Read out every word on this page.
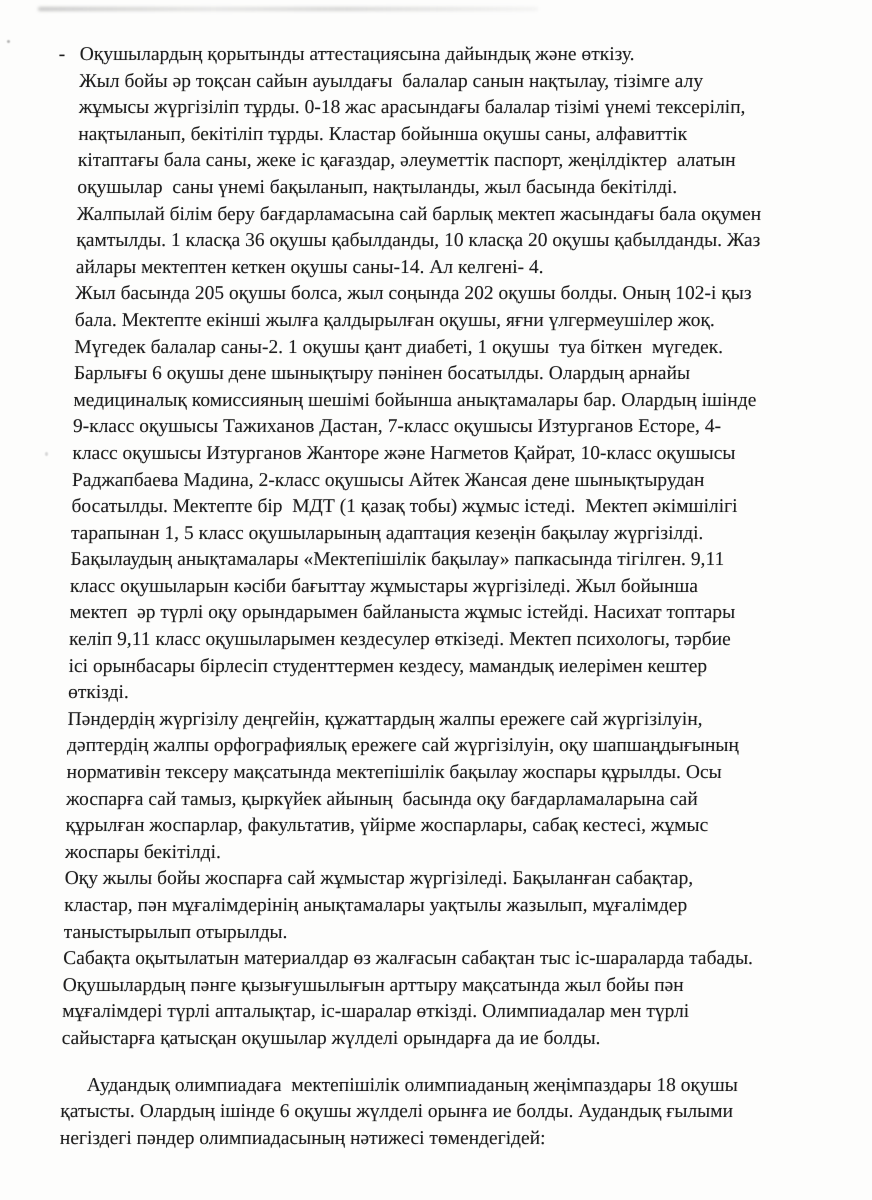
- Оқушылардың қорытынды аттестациясына дайындық және өткізу.
Жыл бойы әр тоқсан сайын ауылдағы  балалар санын нақтылау, тізімге алу
жұмысы жүргізіліп тұрды. 0-18 жас арасындағы балалар тізімі үнемі тексеріліп,
нақтыланып, бекітіліп тұрды. Кластар бойынша оқушы саны, алфавиттік
кітаптағы бала саны, жеке іс қағаздар, әлеуметтік паспорт, жеңілдіктер  алатын
оқушылар  саны үнемі бақыланып, нақтыланды, жыл басында бекітілді.
Жалпылай білім беру бағдарламасына сай барлық мектеп жасындағы бала оқумен
қамтылды. 1 класқа 36 оқушы қабылданды, 10 класқа 20 оқушы қабылданды. Жаз
айлары мектептен кеткен оқушы саны-14. Ал келгені- 4.
Жыл басында 205 оқушы болса, жыл соңында 202 оқушы болды. Оның 102-і қыз
бала. Мектепте екінші жылға қалдырылған оқушы, яғни үлгермеушілер жоқ.
Мүгедек балалар саны-2. 1 оқушы қант диабеті, 1 оқушы  туа біткен  мүгедек.
Барлығы 6 оқушы дене шынықтыру пәнінен босатылды. Олардың арнайы
медициналық комиссияның шешімі бойынша анықтамалары бар. Олардың ішінде
9-класс оқушысы Тажиханов Дастан, 7-класс оқушысы Изтурганов Есторе, 4-
класс оқушысы Изтурганов Жанторе және Нагметов Қайрат, 10-класс оқушысы
Раджапбаева Мадина, 2-класс оқушысы Айтек Жансая дене шынықтырудан
босатылды. Мектепте бір  МДТ (1 қазақ тобы) жұмыс істеді.  Мектеп әкімшілігі
тарапынан 1, 5 класс оқушыларының адаптация кезеңін бақылау жүргізілді.
Бақылаудың анықтамалары «Мектепішілік бақылау» папкасында тігілген. 9,11
класс оқушыларын кәсіби бағыттау жұмыстары жүргізіледі. Жыл бойынша
мектеп  әр түрлі оқу орындарымен байланыста жұмыс істейді. Насихат топтары
келіп 9,11 класс оқушыларымен кездесулер өткізеді. Мектеп психологы, тәрбие
ісі орынбасары бірлесіп студенттермен кездесу, мамандық иелерімен кештер
өткізді.
Пәндердің жүргізілу деңгейін, құжаттардың жалпы ережеге сай жүргізілуін,
дәптердің жалпы орфографиялық ережеге сай жүргізілуін, оқу шапшаңдығының
нормативін тексеру мақсатында мектепішілік бақылау жоспары құрылды. Осы
жоспарға сай тамыз, қыркүйек айының  басында оқу бағдарламаларына сай
құрылған жоспарлар, факультатив, үйірме жоспарлары, сабақ кестесі, жұмыс
жоспары бекітілді.
Оқу жылы бойы жоспарға сай жұмыстар жүргізіледі. Бақыланған сабақтар,
кластар, пән мұғалімдерінің анықтамалары уақтылы жазылып, мұғалімдер
таныстырылып отырылды.
Сабақта оқытылатын материалдар өз жалғасын сабақтан тыс іс-шараларда табады.
Оқушылардың пәнге қызығушылығын арттыру мақсатында жыл бойы пән
мұғалімдері түрлі апталықтар, іс-шаралар өткізді. Олимпиадалар мен түрлі
сайыстарға қатысқан оқушылар жүлделі орындарға да ие болды.
Аудандық олимпиадаға  мектепішілік олимпиаданың жеңімпаздары 18 оқушы
қатысты. Олардың ішінде 6 оқушы жүлделі орынға ие болды. Аудандық ғылыми
негіздегі пәндер олимпиадасының нәтижесі төмендегідей:
